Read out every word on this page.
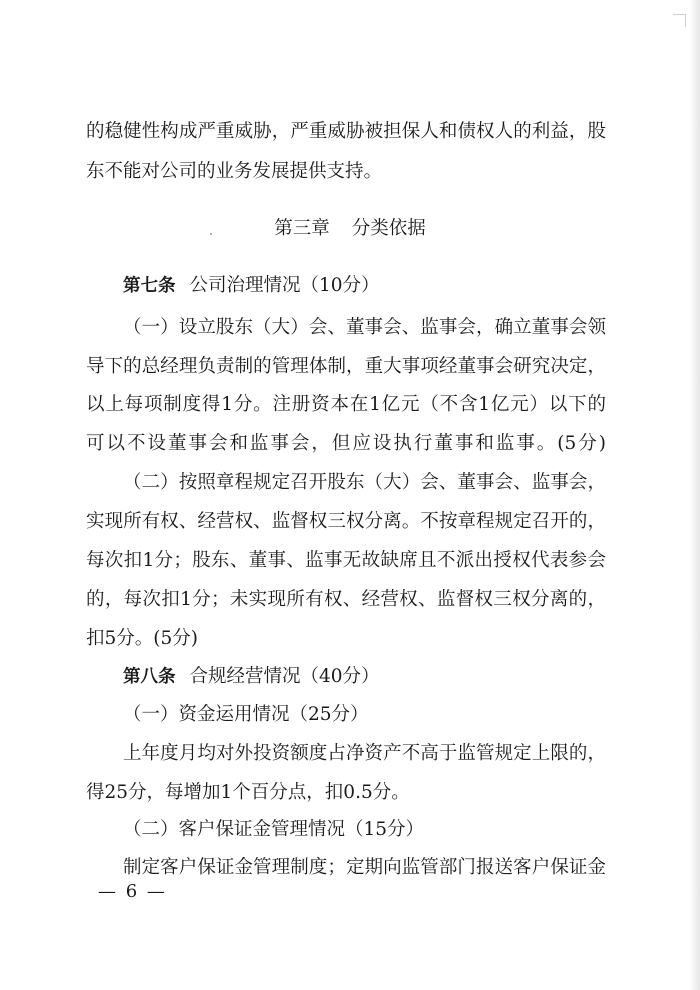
的稳健性构成严重威胁，严重威胁被担保人和债权人的利益，股

东不能对公司的业务发展提供支持。

第三章 分类依据

第七条 公司治理情况（10分）

（一）设立股东（大）会、董事会、监事会，确立董事会领

导下的总经理负责制的管理体制，重大事项经董事会研究决定，

以上每项制度得1分。注册资本在1亿元（不含1亿元）以下的

可以不设董事会和监事会，但应设执行董事和监事。(5分)

（二）按照章程规定召开股东（大）会、董事会、监事会，

实现所有权、经营权、监督权三权分离。不按章程规定召开的，

每次扣1分；股东、董事、监事无故缺席且不派出授权代表参会

的，每次扣1分；未实现所有权、经营权、监督权三权分离的，

扣5分。(5分)

第八条 合规经营情况（40分）

（一）资金运用情况（25分）

上年度月均对外投资额度占净资产不高于监管规定上限的，

得25分，每增加1个百分点，扣0.5分。

（二）客户保证金管理情况（15分）

制定客户保证金管理制度；定期向监管部门报送客户保证金

— 6 —
